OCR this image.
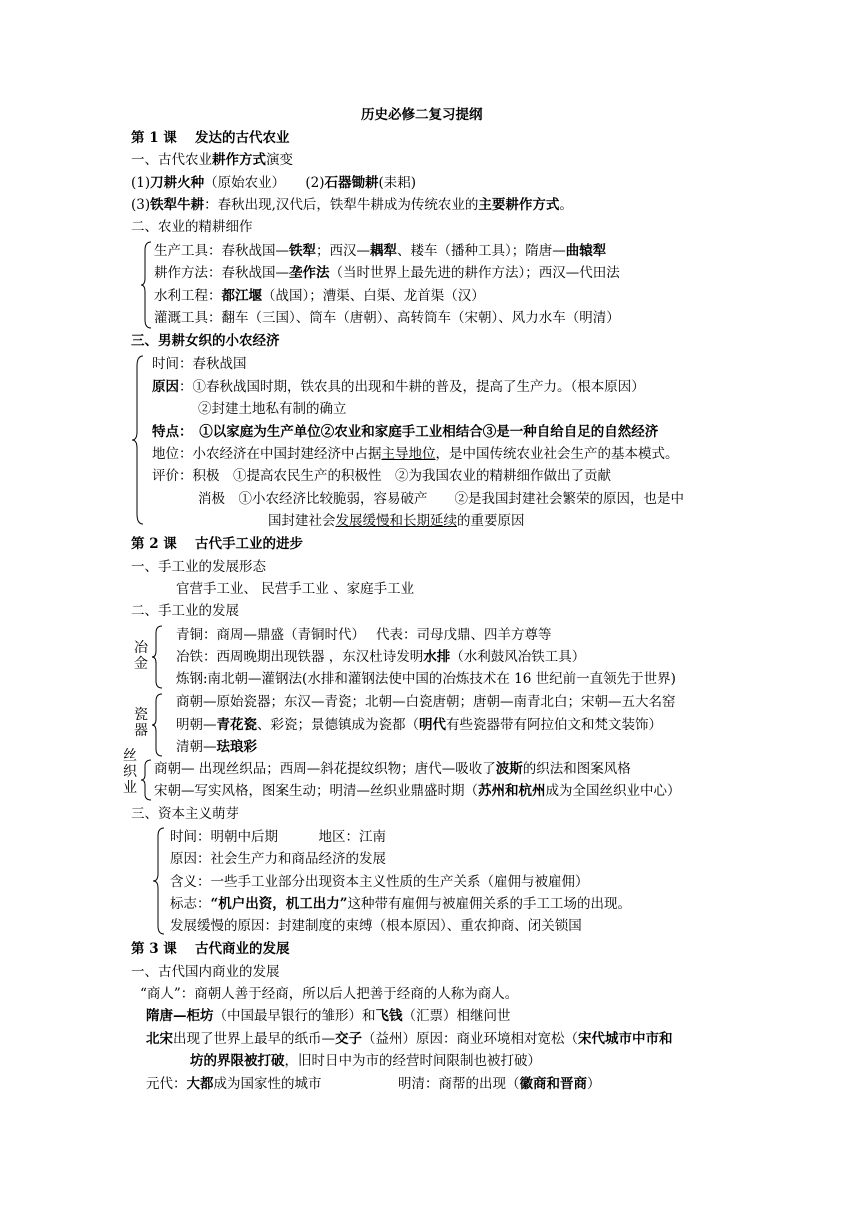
历史必修二复习提纲
第 1 课　 发达的古代农业
一、古代农业耕作方式演变
(1)刀耕火种（原始农业）　　(2)石器锄耕(耒耜)
(3)铁犁牛耕：春秋出现,汉代后，铁犁牛耕成为传统农业的主要耕作方式。
二、农业的精耕细作
生产工具：春秋战国—铁犁；西汉—耦犁、耧车（播种工具）；隋唐—曲辕犁
耕作方法：春秋战国—垄作法（当时世界上最先进的耕作方法）；西汉—代田法
水利工程：都江堰（战国）；漕渠、白渠、龙首渠（汉）
灌溉工具：翻车（三国）、筒车（唐朝）、高转筒车（宋朝）、风力水车（明清）
三、男耕女织的小农经济
时间：春秋战国
原因：①春秋战国时期，铁农具的出现和牛耕的普及，提高了生产力。（根本原因）
②封建土地私有制的确立
特点：　①以家庭为生产单位②农业和家庭手工业相结合③是一种自给自足的自然经济
地位：小农经济在中国封建经济中占据主导地位，是中国传统农业社会生产的基本模式。
评价：积极　①提高农民生产的积极性　②为我国农业的精耕细作做出了贡献
消极　①小农经济比较脆弱，容易破产　　②是我国封建社会繁荣的原因，也是中
国封建社会发展缓慢和长期延续的重要原因
第 2 课　 古代手工业的进步
一、手工业的发展形态
官营手工业、 民营手工业 、家庭手工业
二、手工业的发展
冶金
青铜：商周—鼎盛（青铜时代）　 代表：司母戊鼎、四羊方尊等
冶铁：西周晚期出现铁器 ，东汉杜诗发明水排（水利鼓风冶铁工具）
炼钢:南北朝—灌钢法(水排和灌钢法使中国的冶炼技术在 16 世纪前一直领先于世界)
瓷器
商朝—原始瓷器；东汉—青瓷；北朝—白瓷唐朝；唐朝—南青北白；宋朝—五大名窑
明朝—青花瓷、彩瓷；景德镇成为瓷都（明代有些瓷器带有阿拉伯文和梵文装饰）
清朝—珐琅彩
丝织业
商朝— 出现丝织品；西周—斜花提纹织物；唐代—吸收了波斯的织法和图案风格
宋朝—写实风格，图案生动；明清—丝织业鼎盛时期（苏州和杭州成为全国丝织业中心）
三、资本主义萌芽
时间：明朝中后期　　　地区：江南
原因：社会生产力和商品经济的发展
含义：一些手工业部分出现资本主义性质的生产关系（雇佣与被雇佣）
标志：“机户出资，机工出力”这种带有雇佣与被雇佣关系的手工工场的出现。
发展缓慢的原因：封建制度的束缚（根本原因）、重农抑商、闭关锁国
第 3 课　 古代商业的发展
一、古代国内商业的发展
“商人”：商朝人善于经商，所以后人把善于经商的人称为商人。
隋唐—柜坊（中国最早银行的雏形）和飞钱（汇票）相继问世
北宋出现了世界上最早的纸币—交子（益州）原因：商业环境相对宽松（宋代城市中市和
坊的界限被打破，旧时日中为市的经营时间限制也被打破）
元代：大都成为国家性的城市	明清：商帮的出现（徽商和晋商）
